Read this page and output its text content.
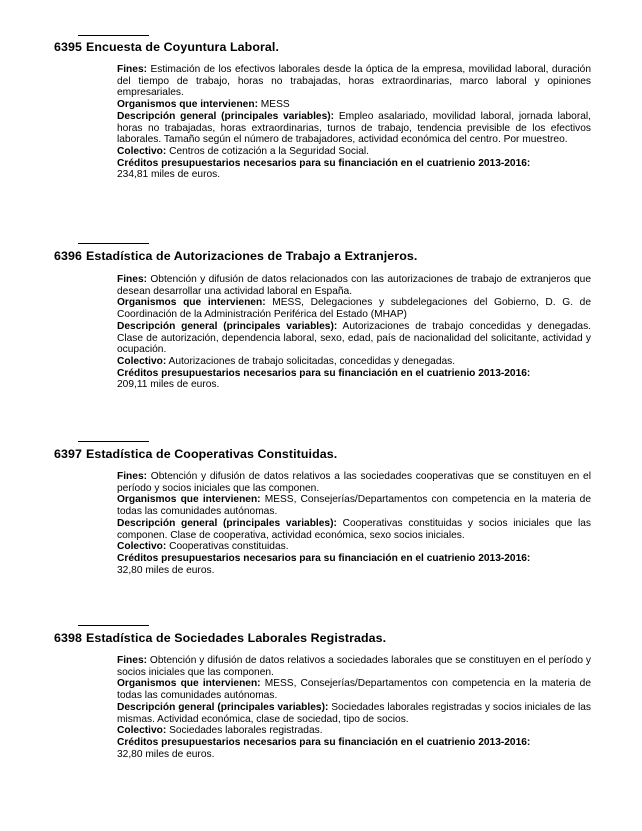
6395 Encuesta de Coyuntura Laboral.

Fines: Estimación de los efectivos laborales desde la óptica de la empresa, movilidad laboral, duración del tiempo de trabajo, horas no trabajadas, horas extraordinarias, marco laboral y opiniones empresariales.

Organismos que intervienen: MESS

Descripción general (principales variables): Empleo asalariado, movilidad laboral, jornada laboral, horas no trabajadas, horas extraordinarias, turnos de trabajo, tendencia previsible de los efectivos laborales. Tamaño según el número de trabajadores, actividad económica del centro. Por muestreo.

Colectivo: Centros de cotización a la Seguridad Social.

Créditos presupuestarios necesarios para su financiación en el cuatrienio 2013-2016:
234,81 miles de euros.

6396 Estadística de Autorizaciones de Trabajo a Extranjeros.

Fines: Obtención y difusión de datos relacionados con las autorizaciones de trabajo de extranjeros que desean desarrollar una actividad laboral en España.

Organismos que intervienen: MESS, Delegaciones y subdelegaciones del Gobierno, D. G. de Coordinación de la Administración Periférica del Estado (MHAP)

Descripción general (principales variables): Autorizaciones de trabajo concedidas y denegadas. Clase de autorización, dependencia laboral, sexo, edad, país de nacionalidad del solicitante, actividad y ocupación.

Colectivo: Autorizaciones de trabajo solicitadas, concedidas y denegadas.

Créditos presupuestarios necesarios para su financiación en el cuatrienio 2013-2016:
209,11 miles de euros.

6397 Estadística de Cooperativas Constituidas.

Fines: Obtención y difusión de datos relativos a las sociedades cooperativas que se constituyen en el período y socios iniciales que las componen.

Organismos que intervienen: MESS, Consejerías/Departamentos con competencia en la materia de todas las comunidades autónomas.

Descripción general (principales variables): Cooperativas constituidas y socios iniciales que las componen. Clase de cooperativa, actividad económica, sexo socios iniciales.

Colectivo: Cooperativas constituidas.

Créditos presupuestarios necesarios para su financiación en el cuatrienio 2013-2016:
32,80 miles de euros.

6398 Estadística de Sociedades Laborales Registradas.

Fines: Obtención y difusión de datos relativos a sociedades laborales que se constituyen en el período y socios iniciales que las componen.

Organismos que intervienen: MESS, Consejerías/Departamentos con competencia en la materia de todas las comunidades autónomas.

Descripción general (principales variables): Sociedades laborales registradas y socios iniciales de las mismas. Actividad económica, clase de sociedad, tipo de socios.

Colectivo: Sociedades laborales registradas.

Créditos presupuestarios necesarios para su financiación en el cuatrienio 2013-2016:
32,80 miles de euros.
